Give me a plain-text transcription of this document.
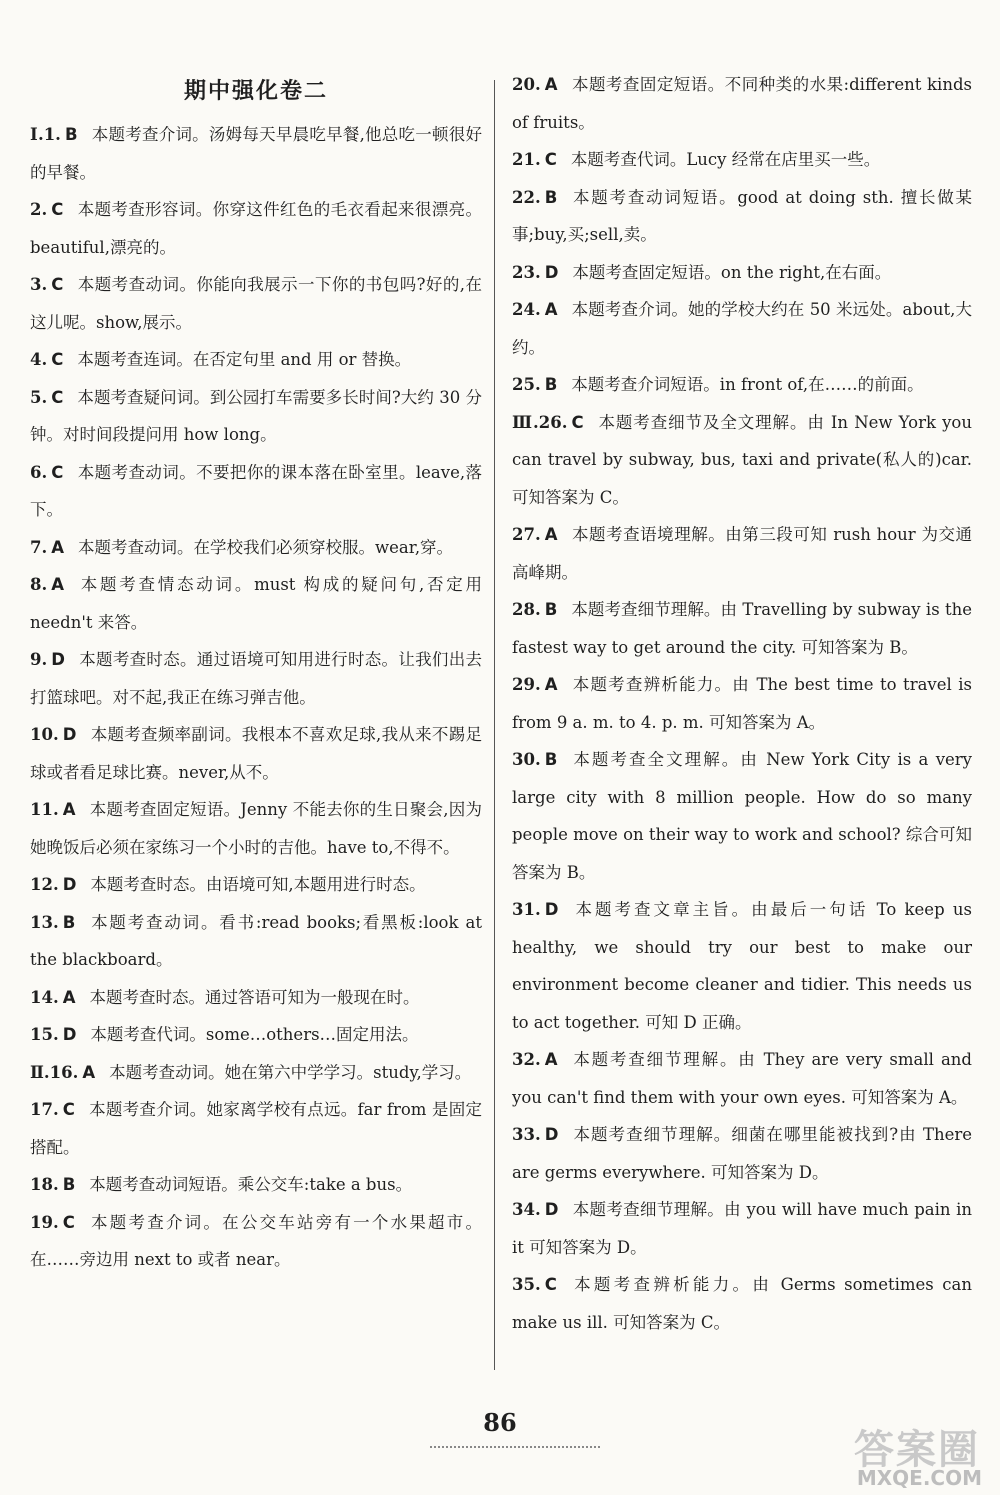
期中强化卷二
Ⅰ.1. B 本题考查介词。汤姆每天早晨吃早餐,他总吃一顿很好的早餐。
2. C 本题考查形容词。你穿这件红色的毛衣看起来很漂亮。beautiful,漂亮的。
3. C 本题考查动词。你能向我展示一下你的书包吗?好的,在这儿呢。show,展示。
4. C 本题考查连词。在否定句里 and 用 or 替换。
5. C 本题考查疑问词。到公园打车需要多长时间?大约 30 分钟。对时间段提问用 how long。
6. C 本题考查动词。不要把你的课本落在卧室里。leave,落下。
7. A 本题考查动词。在学校我们必须穿校服。wear,穿。
8. A 本题考查情态动词。must 构成的疑问句,否定用 needn't 来答。
9. D 本题考查时态。通过语境可知用进行时态。让我们出去打篮球吧。对不起,我正在练习弹吉他。
10. D 本题考查频率副词。我根本不喜欢足球,我从来不踢足球或者看足球比赛。never,从不。
11. A 本题考查固定短语。Jenny 不能去你的生日聚会,因为她晚饭后必须在家练习一个小时的吉他。have to,不得不。
12. D 本题考查时态。由语境可知,本题用进行时态。
13. B 本题考查动词。看书:read books;看黑板:look at the blackboard。
14. A 本题考查时态。通过答语可知为一般现在时。
15. D 本题考查代词。some…others…固定用法。
Ⅱ.16. A 本题考查动词。她在第六中学学习。study,学习。
17. C 本题考查介词。她家离学校有点远。far from 是固定搭配。
18. B 本题考查动词短语。乘公交车:take a bus。
19. C 本题考查介词。在公交车站旁有一个水果超市。在……旁边用 next to 或者 near。
20. A 本题考查固定短语。不同种类的水果:different kinds of fruits。
21. C 本题考查代词。Lucy 经常在店里买一些。
22. B 本题考查动词短语。good at doing sth. 擅长做某事;buy,买;sell,卖。
23. D 本题考查固定短语。on the right,在右面。
24. A 本题考查介词。她的学校大约在 50 米远处。about,大约。
25. B 本题考查介词短语。in front of,在……的前面。
Ⅲ.26. C 本题考查细节及全文理解。由 In New York you can travel by subway, bus, taxi and private(私人的)car. 可知答案为 C。
27. A 本题考查语境理解。由第三段可知 rush hour 为交通高峰期。
28. B 本题考查细节理解。由 Travelling by subway is the fastest way to get around the city. 可知答案为 B。
29. A 本题考查辨析能力。由 The best time to travel is from 9 a. m. to 4. p. m. 可知答案为 A。
30. B 本题考查全文理解。由 New York City is a very large city with 8 million people. How do so many people move on their way to work and school? 综合可知答案为 B。
31. D 本题考查文章主旨。由最后一句话 To keep us healthy, we should try our best to make our environment become cleaner and tidier. This needs us to act together. 可知 D 正确。
32. A 本题考查细节理解。由 They are very small and you can't find them with your own eyes. 可知答案为 A。
33. D 本题考查细节理解。细菌在哪里能被找到?由 There are germs everywhere. 可知答案为 D。
34. D 本题考查细节理解。由 you will have much pain in it 可知答案为 D。
35. C 本题考查辨析能力。由 Germs sometimes can make us ill. 可知答案为 C。
86
答案圈
MXQE.COM
